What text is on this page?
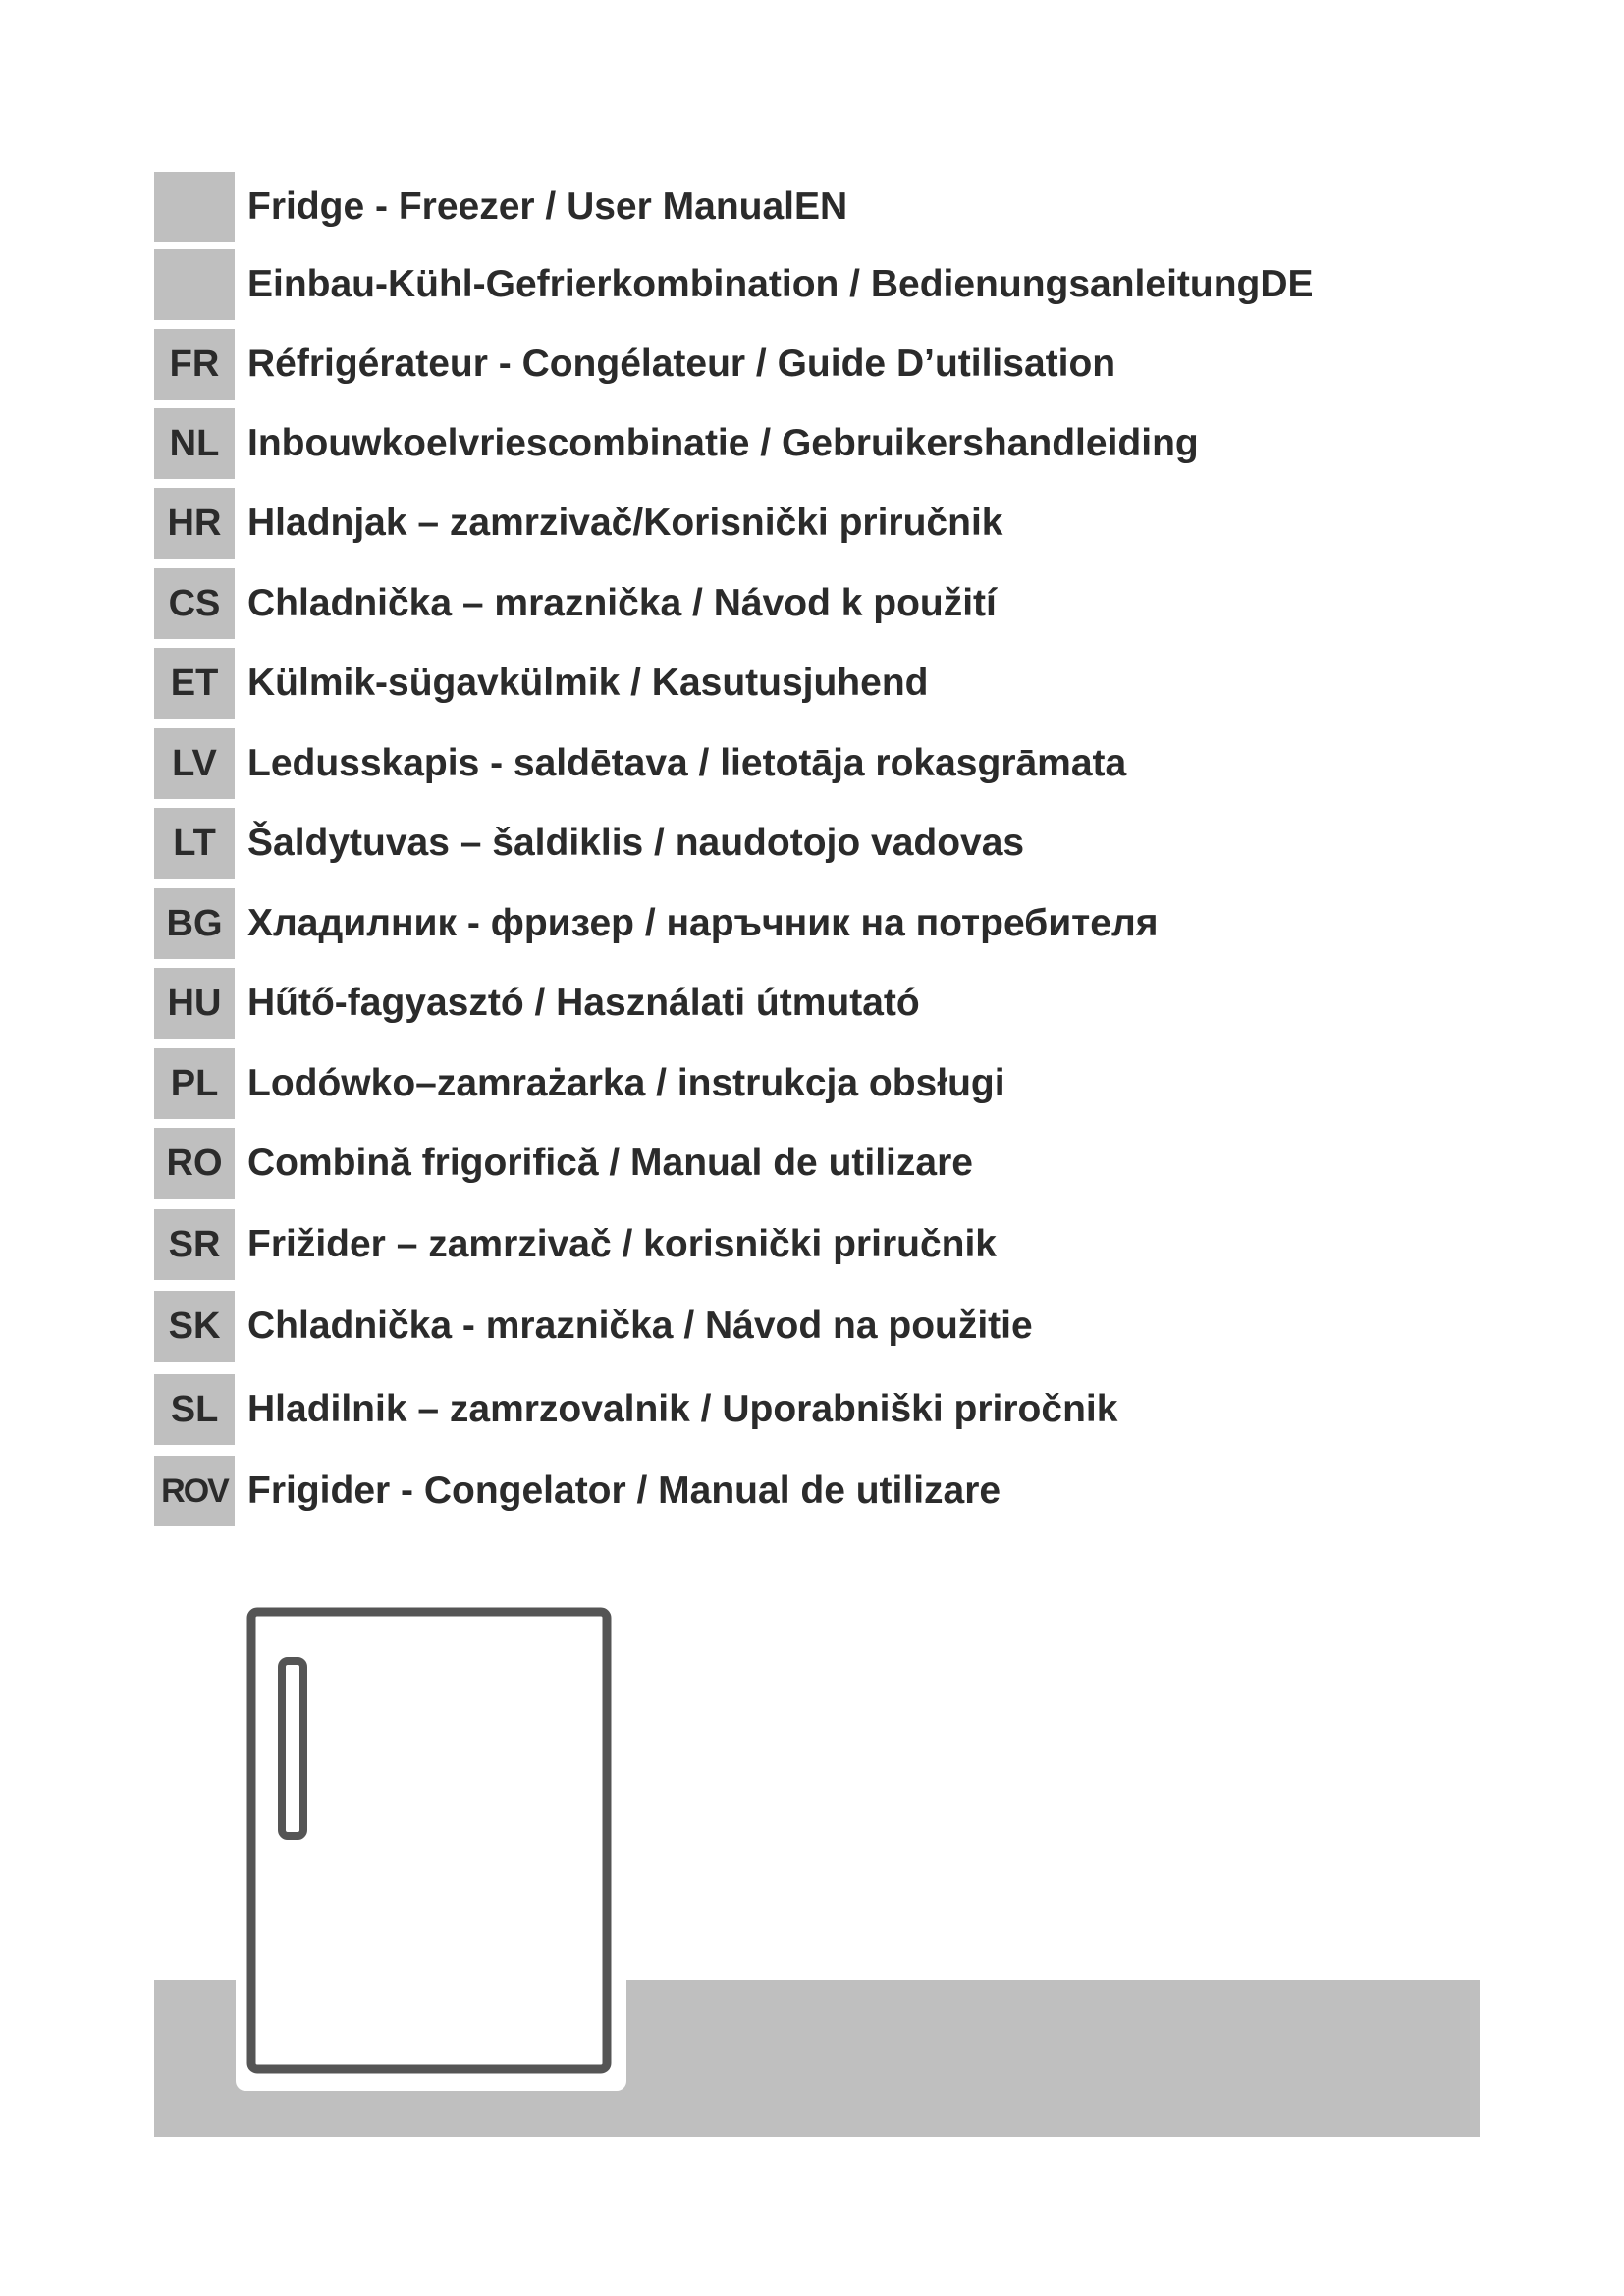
Fridge - Freezer / User ManualEN
Einbau-Kühl-Gefrierkombination / BedienungsanleitungDE
FR Réfrigérateur - Congélateur / Guide D’utilisation
NL Inbouwkoelvriescombinatie / Gebruikershandleiding
HR Hladnjak – zamrzivač/Korisnički priručnik
CS Chladnička – mraznička / Návod k použití
ET Külmik-sügavkülmik / Kasutusjuhend
LV Ledusskapis - saldētava / lietotāja rokasgrāmata
LT Šaldytuvas – šaldiklis / naudotojo vadovas
BG Хладилник - фризер / наръчник на потребителя
HU Hűtő-fagyasztó / Használati útmutató
PL Lodówko–zamrażarka / instrukcja obsługi
RO Combină frigorifică / Manual de utilizare
SR Frižider – zamrzivač / korisnički priručnik
SK Chladnička - mraznička / Návod na použitie
SL Hladilnik – zamrzovalnik / Uporabniški priročnik
ROV Frigider - Congelator / Manual de utilizare
